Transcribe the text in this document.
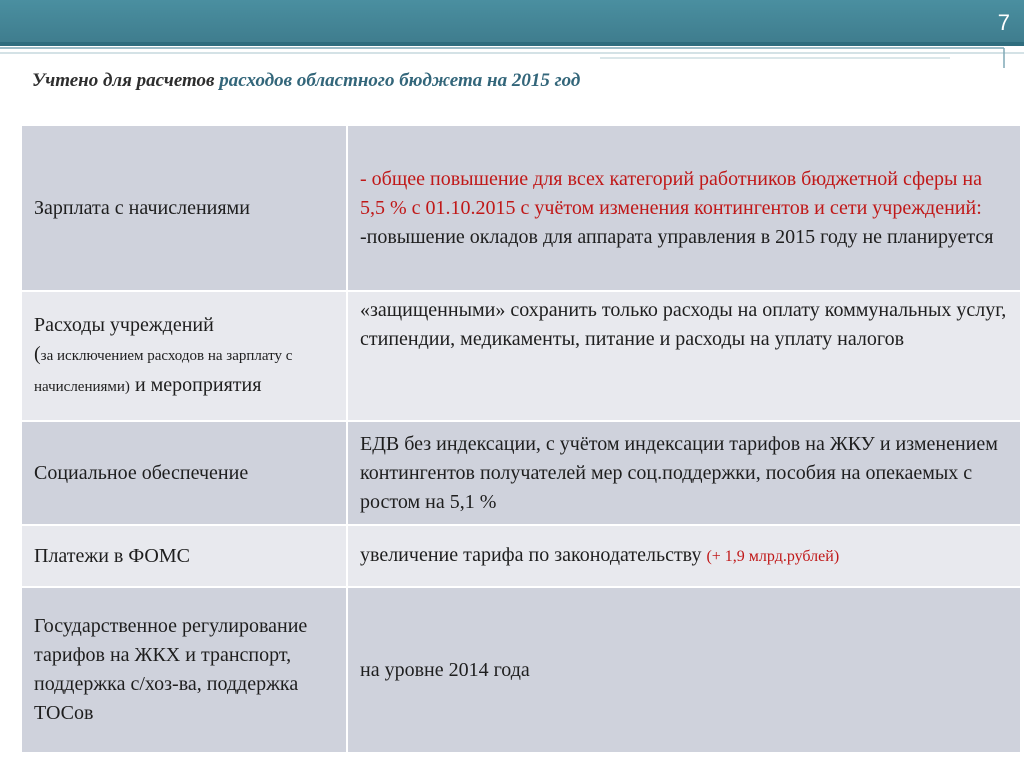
7
Учтено для расчетов расходов областного бюджета на 2015 год
Зарплата с начислениями	- общее повышение для всех категорий работников бюджетной сферы на 5,5 % с 01.10.2015 с учётом изменения контингентов и сети учреждений:
-повышение окладов для аппарата управления в 2015 году не планируется

Расходы учреждений
(за исключением расходов на зарплату с начислениями) и мероприятия	«защищенными» сохранить только расходы на оплату коммунальных услуг, стипендии, медикаменты, питание и расходы на уплату налогов
Социальное обеспечение	ЕДВ без индексации, с учётом индексации тарифов на ЖКУ и изменением контингентов получателей мер соц.поддержки, пособия на опекаемых с ростом на 5,1 %
Платежи в ФОМС	увеличение тарифа по законодательству (+ 1,9 млрд.рублей)
Государственное регулирование тарифов на ЖКХ и транспорт, поддержка с/хоз-ва, поддержка ТОСов	на уровне 2014 года
